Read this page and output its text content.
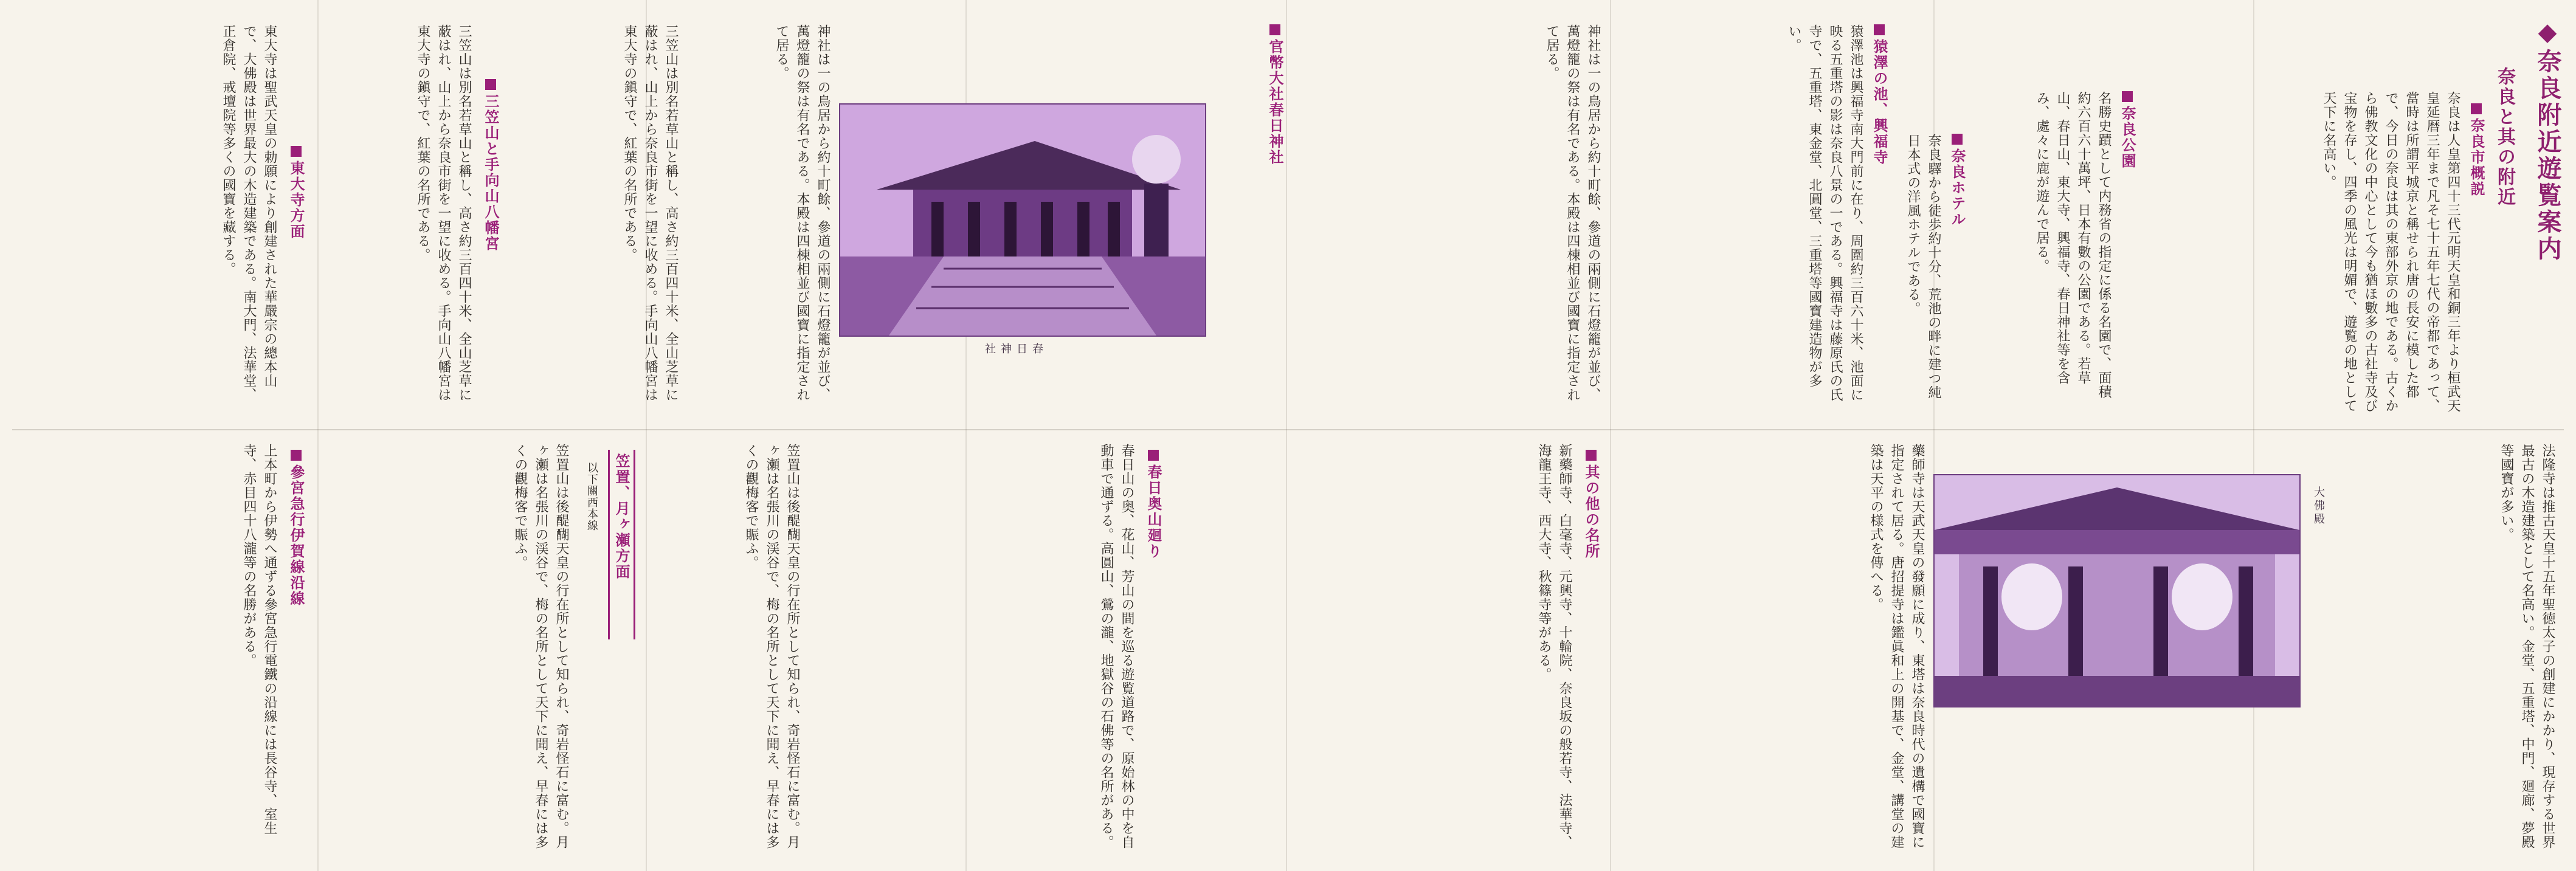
◆奈良附近遊覧案内
奈良と其の附近
奈良市概説
奈良は人皇第四十三代元明天皇和銅三年より桓武天皇延暦三年まで凡そ七十五年七代の帝都であって、當時は所謂平城京と稱せられ唐の長安に模した都で、今日の奈良は其の東部外京の地である。古くから佛教文化の中心として今も猶ほ數多の古社寺及び宝物を存し、四季の風光は明媚で、遊覧の地として天下に名高い。
奈良公園
名勝史蹟として内務省の指定に係る名園で、面積約六百六十萬坪、日本有數の公園である。若草山、春日山、東大寺、興福寺、春日神社等を含み、處々に鹿が遊んで居る。
奈良ホテル
奈良驛から徒歩約十分、荒池の畔に建つ純日本式の洋風ホテルである。
猿澤の池、興福寺
猿澤池は興福寺南大門前に在り、周圍約三百六十米、池面に映る五重塔の影は奈良八景の一である。興福寺は藤原氏の氏寺で、五重塔、東金堂、北圓堂、三重塔等國寶建造物が多い。
神社は一の鳥居から約十町餘、參道の兩側に石燈籠が並び、萬燈籠の祭は有名である。本殿は四棟相並び國寶に指定されて居る。
社神日春
官幣大社春日神社
神社は一の鳥居から約十町餘、參道の兩側に石燈籠が並び、萬燈籠の祭は有名である。本殿は四棟相並び國寶に指定されて居る。
三笠山と手向山八幡宮
三笠山は別名若草山と稱し、高さ約三百四十米、全山芝草に蔽はれ、山上から奈良市街を一望に收める。手向山八幡宮は東大寺の鎭守で、紅葉の名所である。	三笠山は別名若草山と稱し、高さ約三百四十米、全山芝草に蔽はれ、山上から奈良市街を一望に收める。手向山八幡宮は東大寺の鎭守で、紅葉の名所である。
東大寺方面
東大寺は聖武天皇の勅願により創建された華嚴宗の總本山で、大佛殿は世界最大の木造建築である。南大門、法華堂、正倉院、戒壇院等多くの國寶を藏する。
法隆寺は推古天皇十五年聖徳太子の創建にかかり、現存する世界最古の木造建築として名高い。金堂、五重塔、中門、廻廊、夢殿等國寶が多い。
大佛殿
藥師寺は天武天皇の發願に成り、東塔は奈良時代の遺構で國寶に指定されて居る。唐招提寺は鑑眞和上の開基で、金堂、講堂の建築は天平の様式を傳へる。
其の他の名所
新藥師寺、白毫寺、元興寺、十輪院、奈良坂の般若寺、法華寺、海龍王寺、西大寺、秋篠寺等がある。
春日奥山廻り
春日山の奥、花山、芳山の間を巡る遊覧道路で、原始林の中を自動車で通ずる。高圓山、鶯の瀧、地獄谷の石佛等の名所がある。
笠置、月ヶ瀬方面
以下關西本線
笠置山は後醍醐天皇の行在所として知られ、奇岩怪石に富む。月ヶ瀬は名張川の渓谷で、梅の名所として天下に聞え、早春には多くの觀梅客で賑ふ。	笠置山は後醍醐天皇の行在所として知られ、奇岩怪石に富む。月ヶ瀬は名張川の渓谷で、梅の名所として天下に聞え、早春には多くの觀梅客で賑ふ。
參宮急行伊賀線沿線
上本町から伊勢へ通ずる參宮急行電鐵の沿線には長谷寺、室生寺、赤目四十八瀧等の名勝がある。
